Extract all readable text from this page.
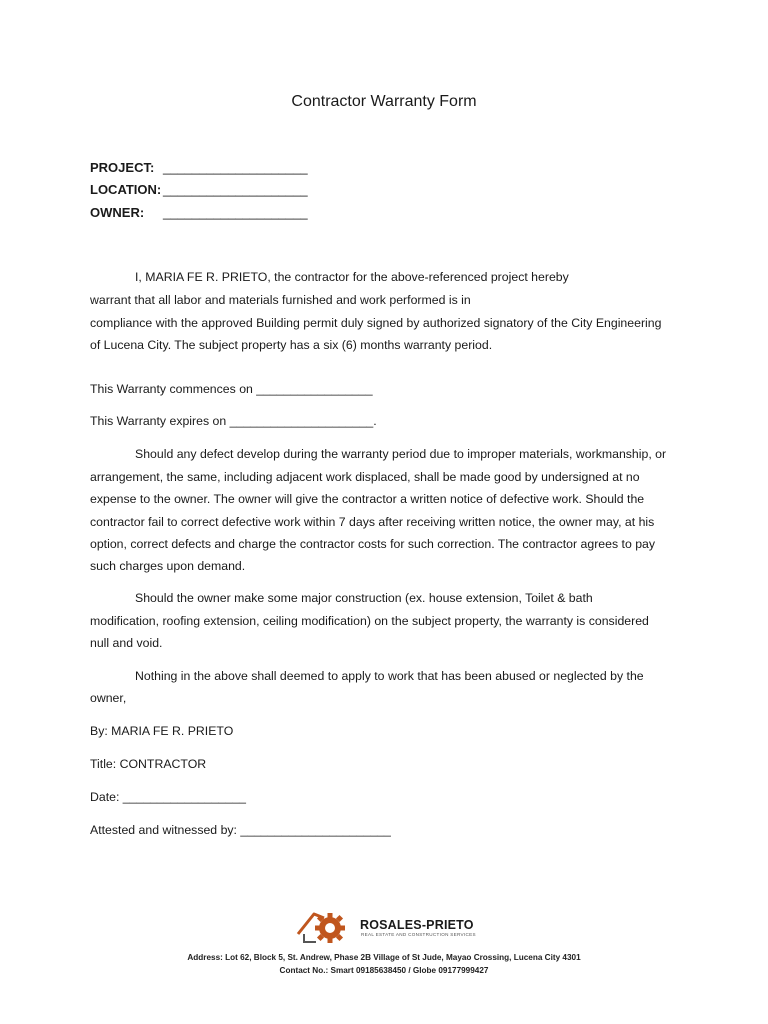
Contractor Warranty Form
PROJECT: ____________________
LOCATION: ____________________
OWNER: ____________________
I, MARIA FE R. PRIETO, the contractor for the above-referenced project hereby
warrant that all labor and materials furnished and work performed is in
compliance with the approved Building permit duly signed by authorized signatory of the City Engineering
of Lucena City. The subject property has a six (6) months warranty period.
This Warranty commences on _________________
This Warranty expires on _____________________.
Should any defect develop during the warranty period due to improper materials, workmanship, or
arrangement, the same, including adjacent work displaced, shall be made good by undersigned at no
expense to the owner. The owner will give the contractor a written notice of defective work. Should the
contractor fail to correct defective work within 7 days after receiving written notice, the owner may, at his
option, correct defects and charge the contractor costs for such correction. The contractor agrees to pay
such charges upon demand.
Should the owner make some major construction (ex. house extension, Toilet & bath
modification, roofing extension, ceiling modification) on the subject property, the warranty is considered
null and void.
Nothing in the above shall deemed to apply to work that has been abused or neglected by the
owner,
By: MARIA FE R. PRIETO
Title: CONTRACTOR
Date: __________________
Attested and witnessed by: ______________________
ROSALES-PRIETO
REAL ESTATE AND CONSTRUCTION SERVICES
Address: Lot 62, Block 5, St. Andrew, Phase 2B Village of St Jude, Mayao Crossing, Lucena City 4301
Contact No.: Smart 09185638450 / Globe 09177999427
